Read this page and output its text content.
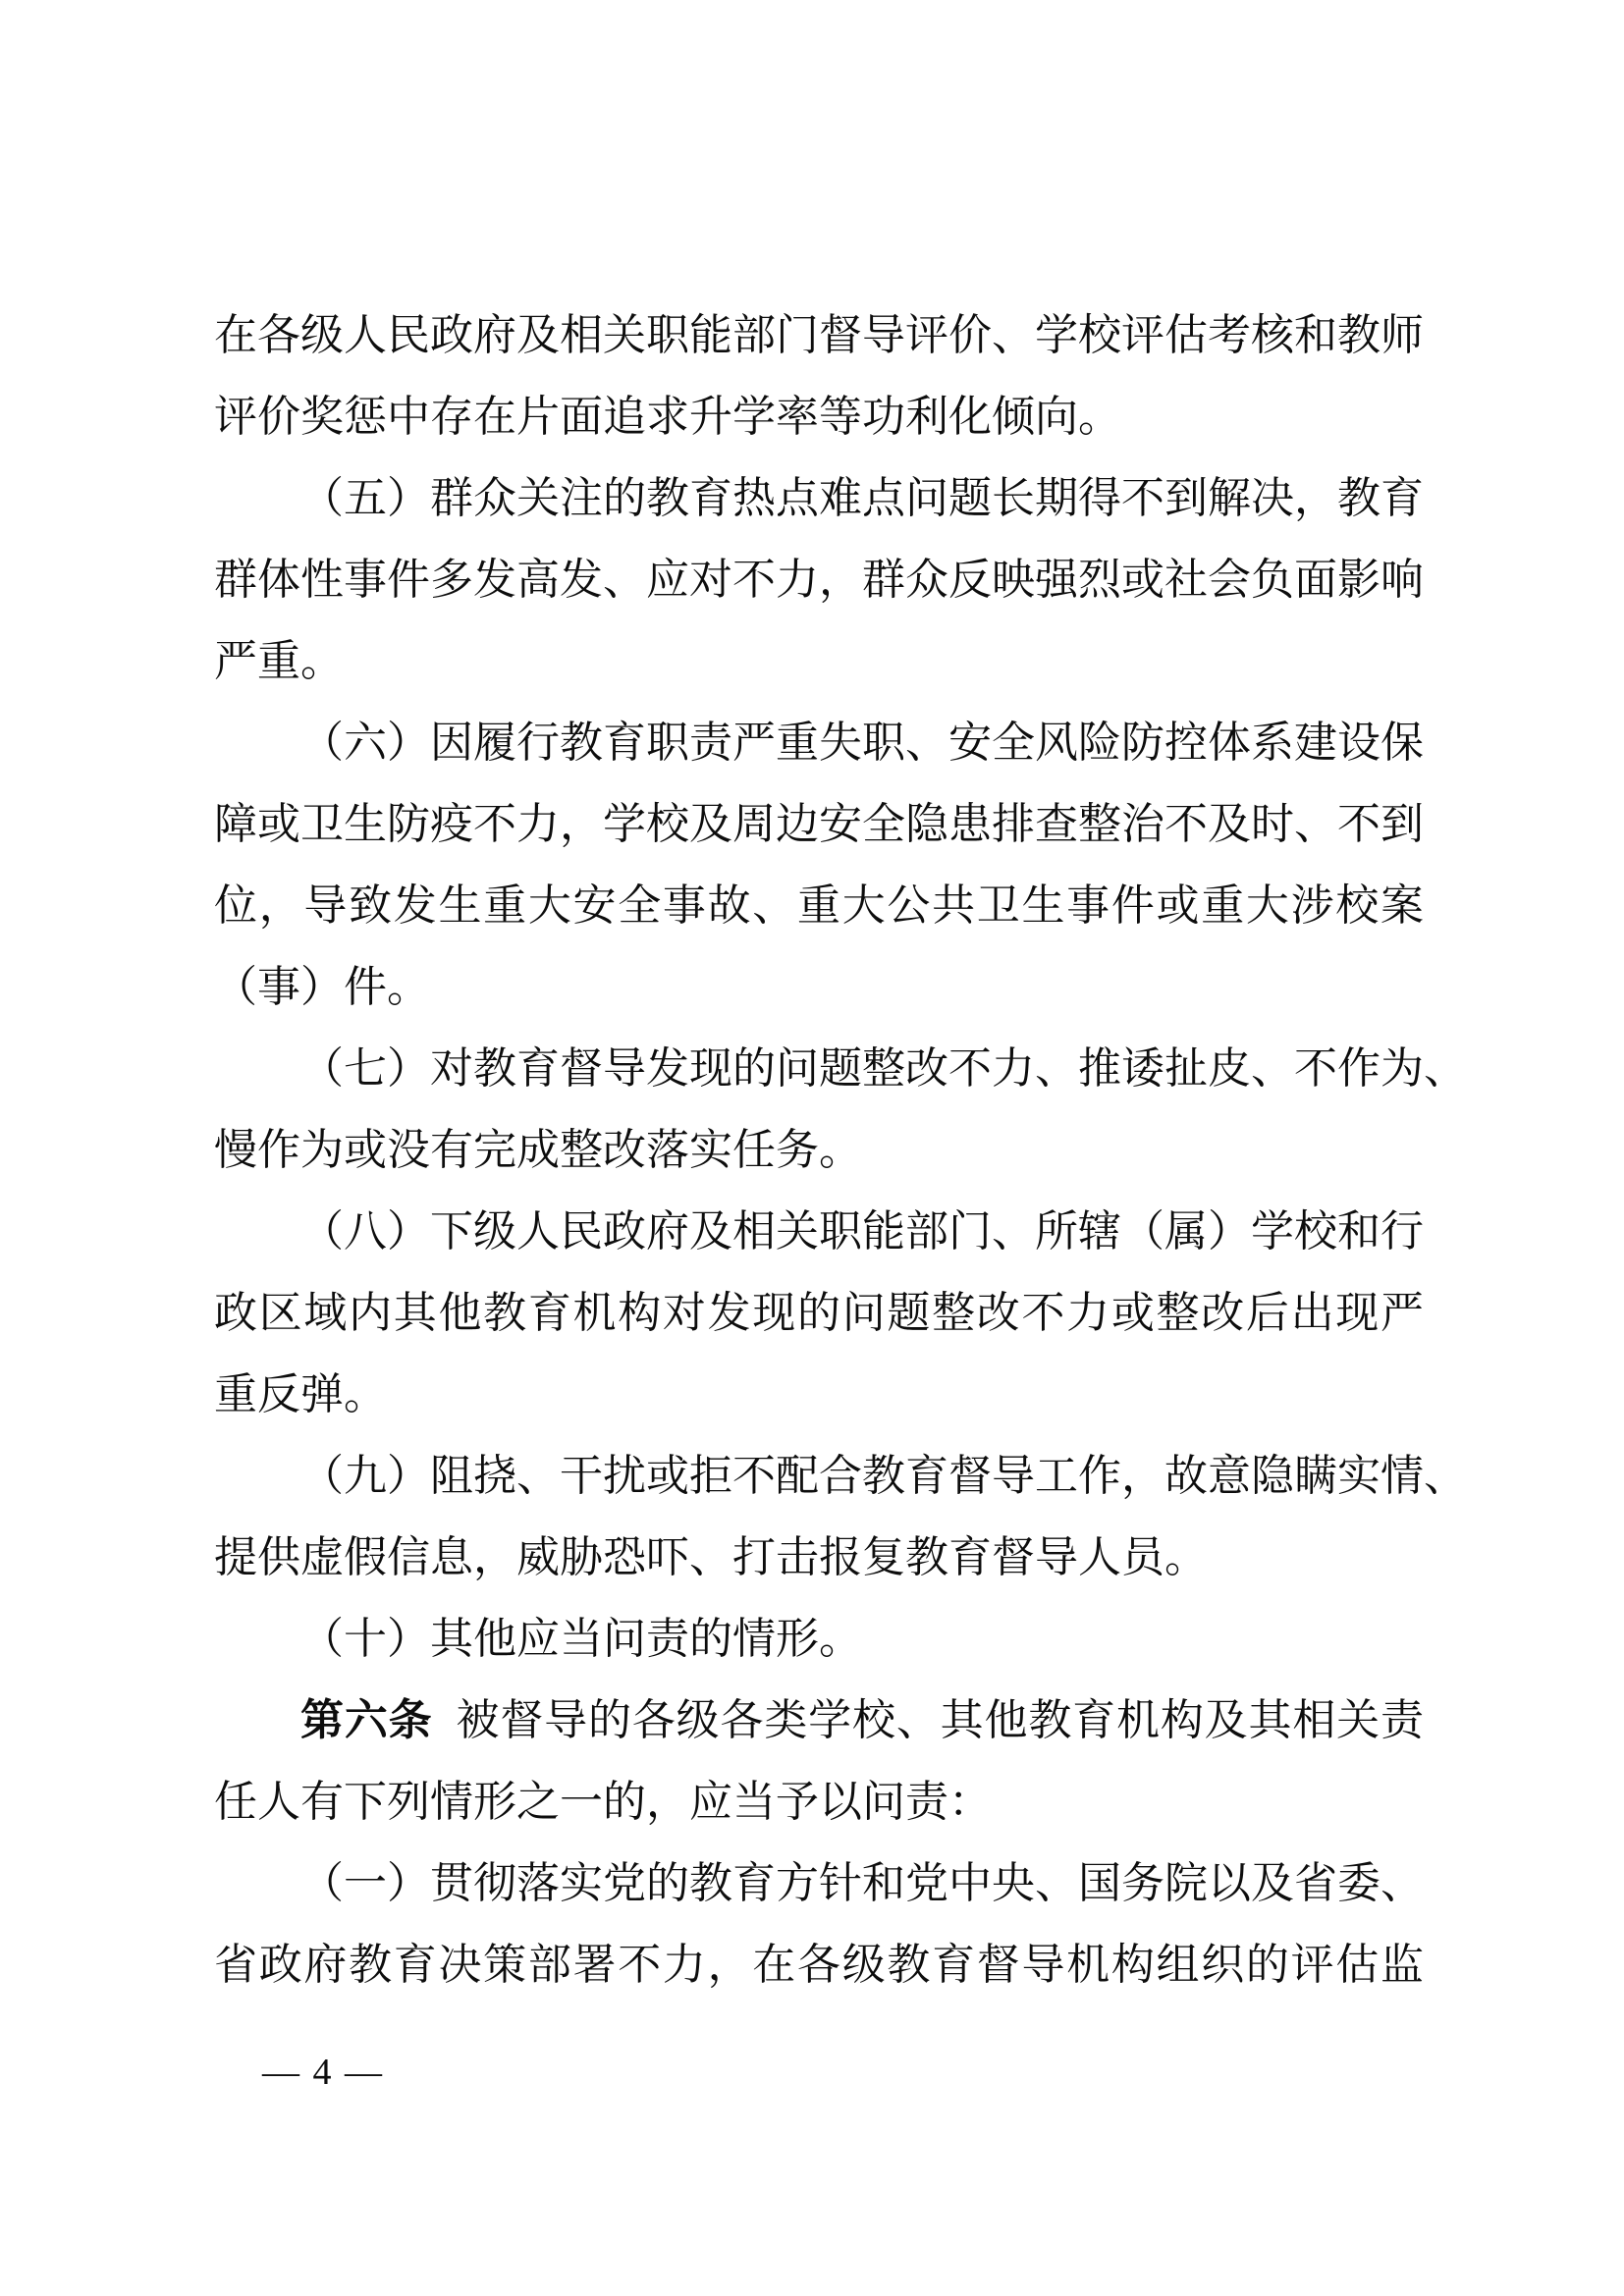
在各级人民政府及相关职能部门督导评价、学校评估考核和教师

评价奖惩中存在片面追求升学率等功利化倾向。

（五）群众关注的教育热点难点问题长期得不到解决，教育

群体性事件多发高发、应对不力，群众反映强烈或社会负面影响

严重。

（六）因履行教育职责严重失职、安全风险防控体系建设保

障或卫生防疫不力，学校及周边安全隐患排查整治不及时、不到

位，导致发生重大安全事故、重大公共卫生事件或重大涉校案

（事）件。

（七）对教育督导发现的问题整改不力、推诿扯皮、不作为、

慢作为或没有完成整改落实任务。

（八）下级人民政府及相关职能部门、所辖（属）学校和行

政区域内其他教育机构对发现的问题整改不力或整改后出现严

重反弹。

（九）阻挠、干扰或拒不配合教育督导工作，故意隐瞒实情、

提供虚假信息，威胁恐吓、打击报复教育督导人员。

（十）其他应当问责的情形。

第六条 被督导的各级各类学校、其他教育机构及其相关责

任人有下列情形之一的，应当予以问责：

（一）贯彻落实党的教育方针和党中央、国务院以及省委、

省政府教育决策部署不力，在各级教育督导机构组织的评估监

— 4 —
